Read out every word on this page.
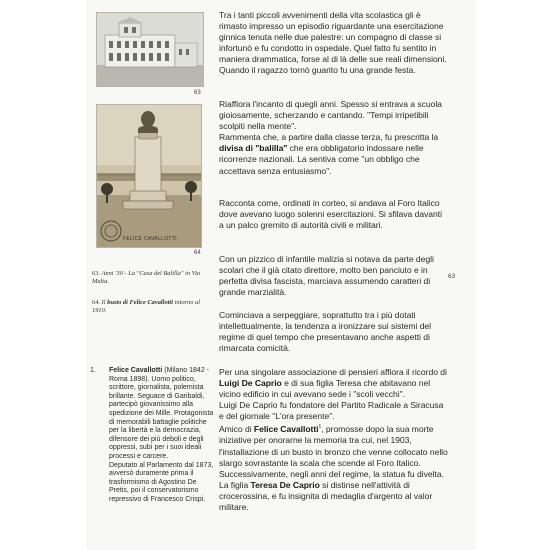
63
FELICE CAVALLOTTI
64
63. Anni '30 - La "Casa del Balilla" in Via Malta.
64. Il busto di Felice Cavallotti intorno al 1910.
1. Felice Cavallotti (Milano 1842 - Roma 1898). Uomo politico, scrittore, giornalista, polemista brillante. Seguace di Garibaldi, partecipò giovanissimo alla spedizione dei Mille. Protagonista di memorabili battaglie politiche per la libertà e la democrazia, difensore dei più deboli e degli oppressi, subì per i suoi ideali processi e carcere.
Deputato al Parlamento dal 1873, avversò duramente prima il trasformismo di Agostino De Pretis, poi il conservatorismo repressivo di Francesco Crispi.
63

Tra i tanti piccoli avvenimenti della vita scolastica gli è rimasto impresso un episodio riguardante una esercitazione ginnica tenuta nelle due palestre: un compagno di classe si infortunò e fu condotto in ospedale. Quel fatto fu sentito in maniera drammatica, forse al di là delle sue reali dimensioni. Quando il ragazzo tornò guarito fu una grande festa.

Riaffiora l'incanto di quegli anni. Spesso si entrava a scuola gioiosamente, scherzando e cantando. "Tempi irripetibili scolpiti nella mente".
Rammenta che, a partire dalla classe terza, fu prescritta la divisa di "balilla" che era obbligatorio indossare nelle ricorrenze nazionali. La sentiva come "un obbligo che accettava senza entusiasmo".

Racconta come, ordinati in corteo, si andava al Foro Italico dove avevano luogo solenni esercitazioni. Si sfilava davanti a un palco gremito di autorità civili e militari.

Con un pizzico di infantile malizia si notava da parte degli scolari che il già citato direttore, molto ben panciuto e in perfetta divisa fascista, marciava assumendo caratteri di grande marzialità.

Cominciava a serpeggiare, soprattutto tra i più dotati intellettualmente, la tendenza a ironizzare sui sistemi del regime di quel tempo che presentavano anche aspetti di rimarcata comicità.

Per una singolare associazione di pensieri affiora il ricordo di Luigi De Caprio e di sua figlia Teresa che abitavano nel vicino edificio in cui avevano sede i "scoli vecchi".
Luigi De Caprio fu fondatore del Partito Radicale a Siracusa e del giornale "L'ora presente".
Amico di Felice Cavallotti$^1$, promosse dopo la sua morte iniziative per onorarne la memoria tra cui, nel 1903, l'installazione di un busto in bronzo che venne collocato nello slargo sovrastante la scala che scende al Foro Italico. Successivamente, negli anni del regime, la statua fu divelta.
La figlia Teresa De Caprio si distinse nell'attività di crocerossina, e fu insignita di medaglia d'argento al valor militare.
